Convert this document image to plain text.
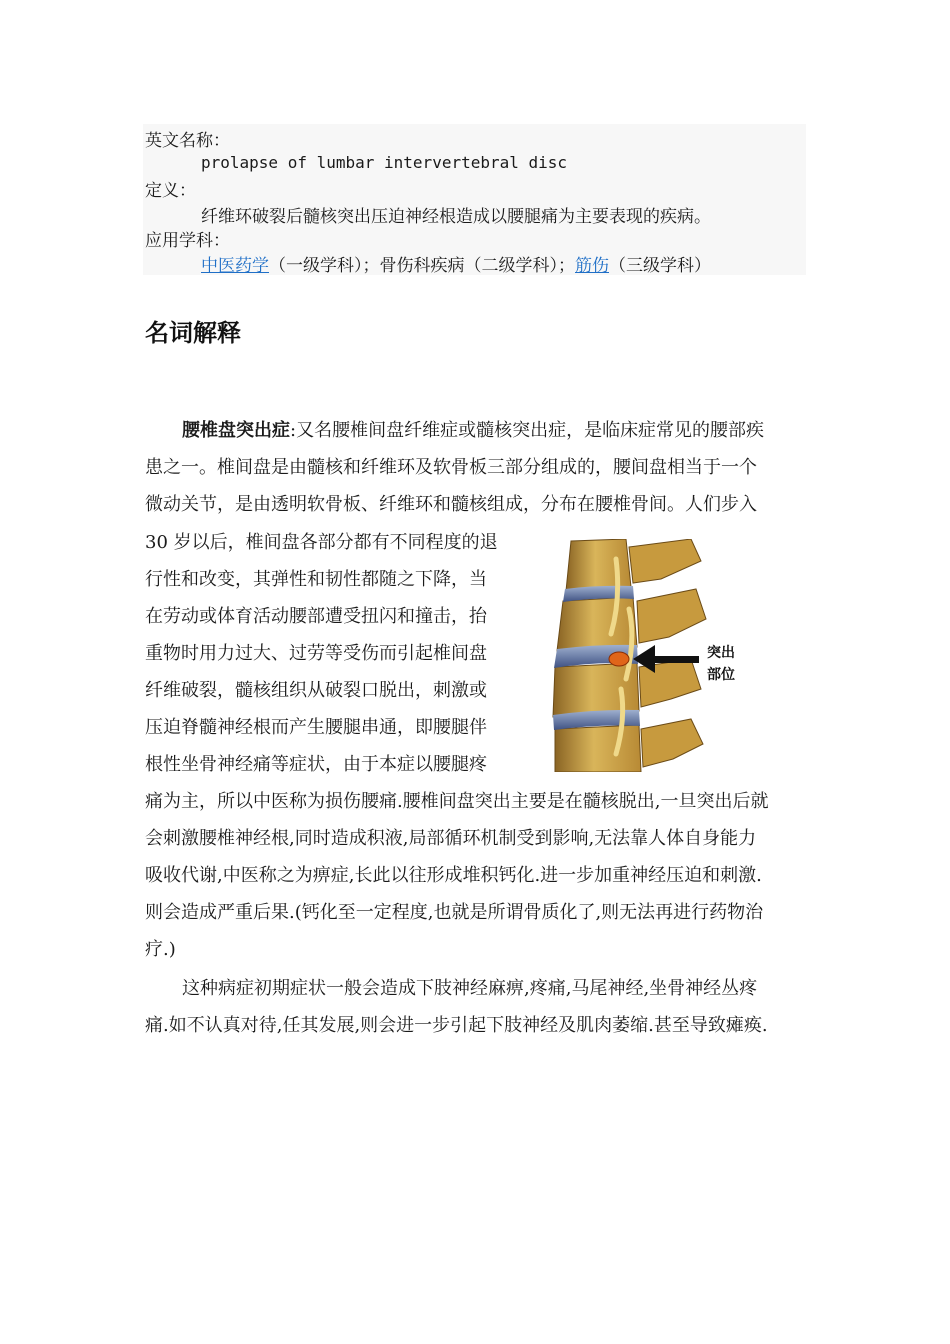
英文名称：
prolapse of lumbar intervertebral disc
定义：
纤维环破裂后髓核突出压迫神经根造成以腰腿痛为主要表现的疾病。
应用学科：
中医药学（一级学科）；骨伤科疾病（二级学科）；筋伤（三级学科）
名词解释
腰椎盘突出症:又名腰椎间盘纤维症或髓核突出症，是临床症常见的腰部疾
患之一。椎间盘是由髓核和纤维环及软骨板三部分组成的，腰间盘相当于一个
微动关节，是由透明软骨板、纤维环和髓核组成，分布在腰椎骨间。人们步入
30 岁以后，椎间盘各部分都有不同程度的退
行性和改变，其弹性和韧性都随之下降，当
在劳动或体育活动腰部遭受扭闪和撞击，抬
重物时用力过大、过劳等受伤而引起椎间盘
纤维破裂，髓核组织从破裂口脱出，刺激或
压迫脊髓神经根而产生腰腿串通，即腰腿伴
根性坐骨神经痛等症状，由于本症以腰腿疼
痛为主，所以中医称为损伤腰痛.腰椎间盘突出主要是在髓核脱出,一旦突出后就
会刺激腰椎神经根,同时造成积液,局部循环机制受到影响,无法靠人体自身能力
吸收代谢,中医称之为痹症,长此以往形成堆积钙化.进一步加重神经压迫和刺激.
则会造成严重后果.(钙化至一定程度,也就是所谓骨质化了,则无法再进行药物治
疗.)
这种病症初期症状一般会造成下肢神经麻痹,疼痛,马尾神经,坐骨神经丛疼
痛.如不认真对待,任其发展,则会进一步引起下肢神经及肌肉萎缩.甚至导致瘫痪.
突出
部位
